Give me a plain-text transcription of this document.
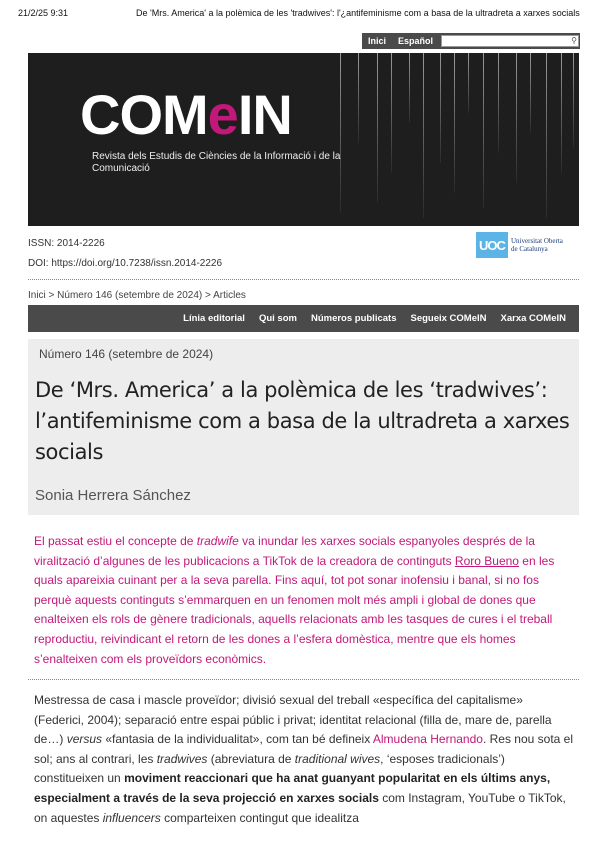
21/2/25 9:31	De 'Mrs. America' a la polèmica de les 'tradwives': l'¿antifeminisme com a basa de la ultradreta a xarxes socials
Inici	Español	⚲
COMeIN
Revista dels Estudis de Ciències de la Informació i de la Comunicació
ISSN: 2014-2226
DOI: https://doi.org/10.7238/issn.2014-2226
UOC Universitat Oberta
de Catalunya
Inici > Número 146 (setembre de 2024) > Articles
Línia editorial	Qui som	Números publicats	Segueix COMeIN	Xarxa COMeIN
Número 146 (setembre de 2024)
De ‘Mrs. America’ a la polèmica de les ‘tradwives’: l’antifeminisme com a basa de la ultradreta a xarxes socials
Sonia Herrera Sánchez

El passat estiu el concepte de tradwife va inundar les xarxes socials espanyoles després de la viralització d’algunes de les publicacions a TikTok de la creadora de continguts Roro Bueno en les quals apareixia cuinant per a la seva parella. Fins aquí, tot pot sonar inofensiu i banal, si no fos perquè aquests continguts s’emmarquen en un fenomen molt més ampli i global de dones que enalteixen els rols de gènere tradicionals, aquells relacionats amb les tasques de cures i el treball reproductiu, reivindicant el retorn de les dones a l’esfera domèstica, mentre que els homes s’enalteixen com els proveïdors econòmics.

Mestressa de casa i mascle proveïdor; divisió sexual del treball «específica del capitalisme» (Federici, 2004); separació entre espai públic i privat; identitat relacional (filla de, mare de, parella de…) versus «fantasia de la individualitat», com tan bé defineix Almudena Hernando. Res nou sota el sol; ans al contrari, les tradwives (abreviatura de traditional wives, ‘esposes tradicionals’) constitueixen un moviment reaccionari que ha anat guanyant popularitat en els últims anys, especialment a través de la seva projecció en xarxes socials com Instagram, YouTube o TikTok, on aquestes influencers comparteixen contingut que idealitza
